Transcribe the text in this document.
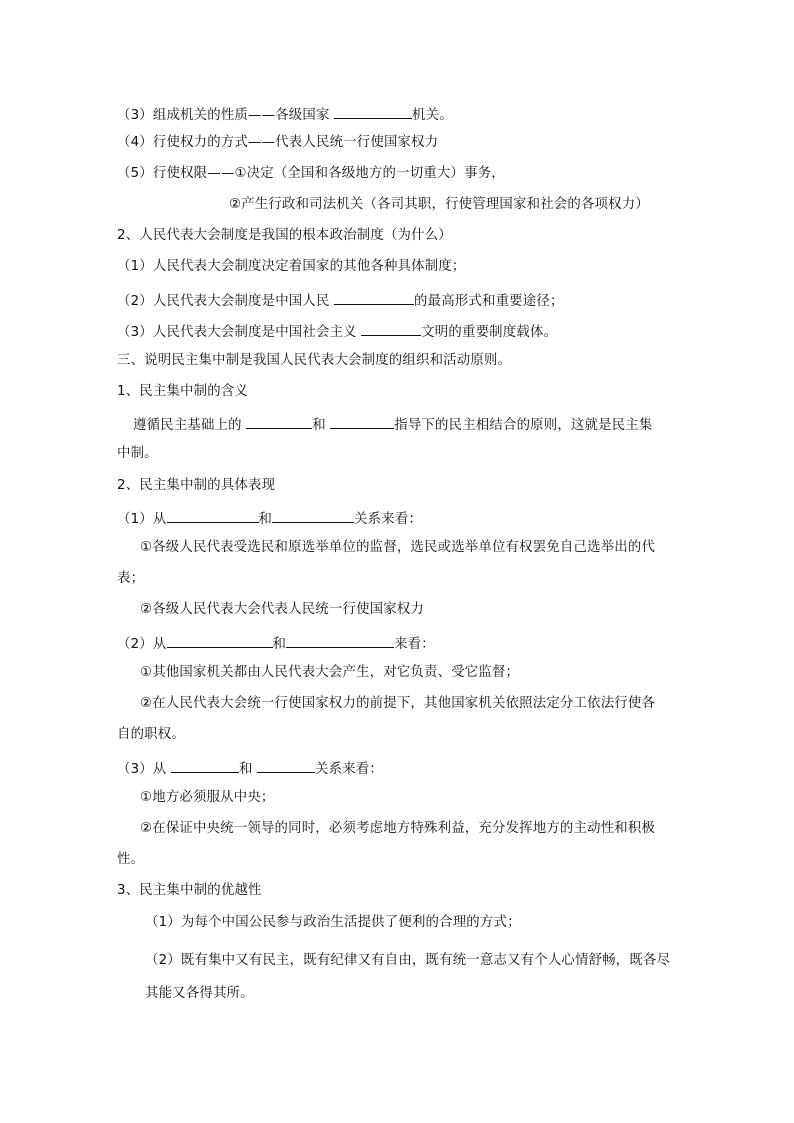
（3）组成机关的性质——各级国家	机关。
（4）行使权力的方式——代表人民统一行使国家权力
（5）行使权限——①决定（全国和各级地方的一切重大）事务，
②产生行政和司法机关（各司其职，行使管理国家和社会的各项权力）
2、人民代表大会制度是我国的根本政治制度（为什么）
（1）人民代表大会制度决定着国家的其他各种具体制度；
（2）人民代表大会制度是中国人民	的最高形式和重要途径；
（3）人民代表大会制度是中国社会主义	文明的重要制度载体。
三、说明民主集中制是我国人民代表大会制度的组织和活动原则。
1、民主集中制的含义
遵循民主基础上的	和	指导下的民主相结合的原则，这就是民主集
中制。
2、民主集中制的具体表现
（1）从	和	关系来看：
①各级人民代表受选民和原选举单位的监督，选民或选举单位有权罢免自己选举出的代
表；
②各级人民代表大会代表人民统一行使国家权力
（2）从	和	来看：
①其他国家机关都由人民代表大会产生，对它负责、受它监督；
②在人民代表大会统一行使国家权力的前提下，其他国家机关依照法定分工依法行使各
自的职权。
（3）从	和	关系来看：
①地方必须服从中央；
②在保证中央统一领导的同时，必须考虑地方特殊利益，充分发挥地方的主动性和积极
性。
3、民主集中制的优越性
（1）为每个中国公民参与政治生活提供了便利的合理的方式；
（2）既有集中又有民主，既有纪律又有自由，既有统一意志又有个人心情舒畅，既各尽
其能又各得其所。
